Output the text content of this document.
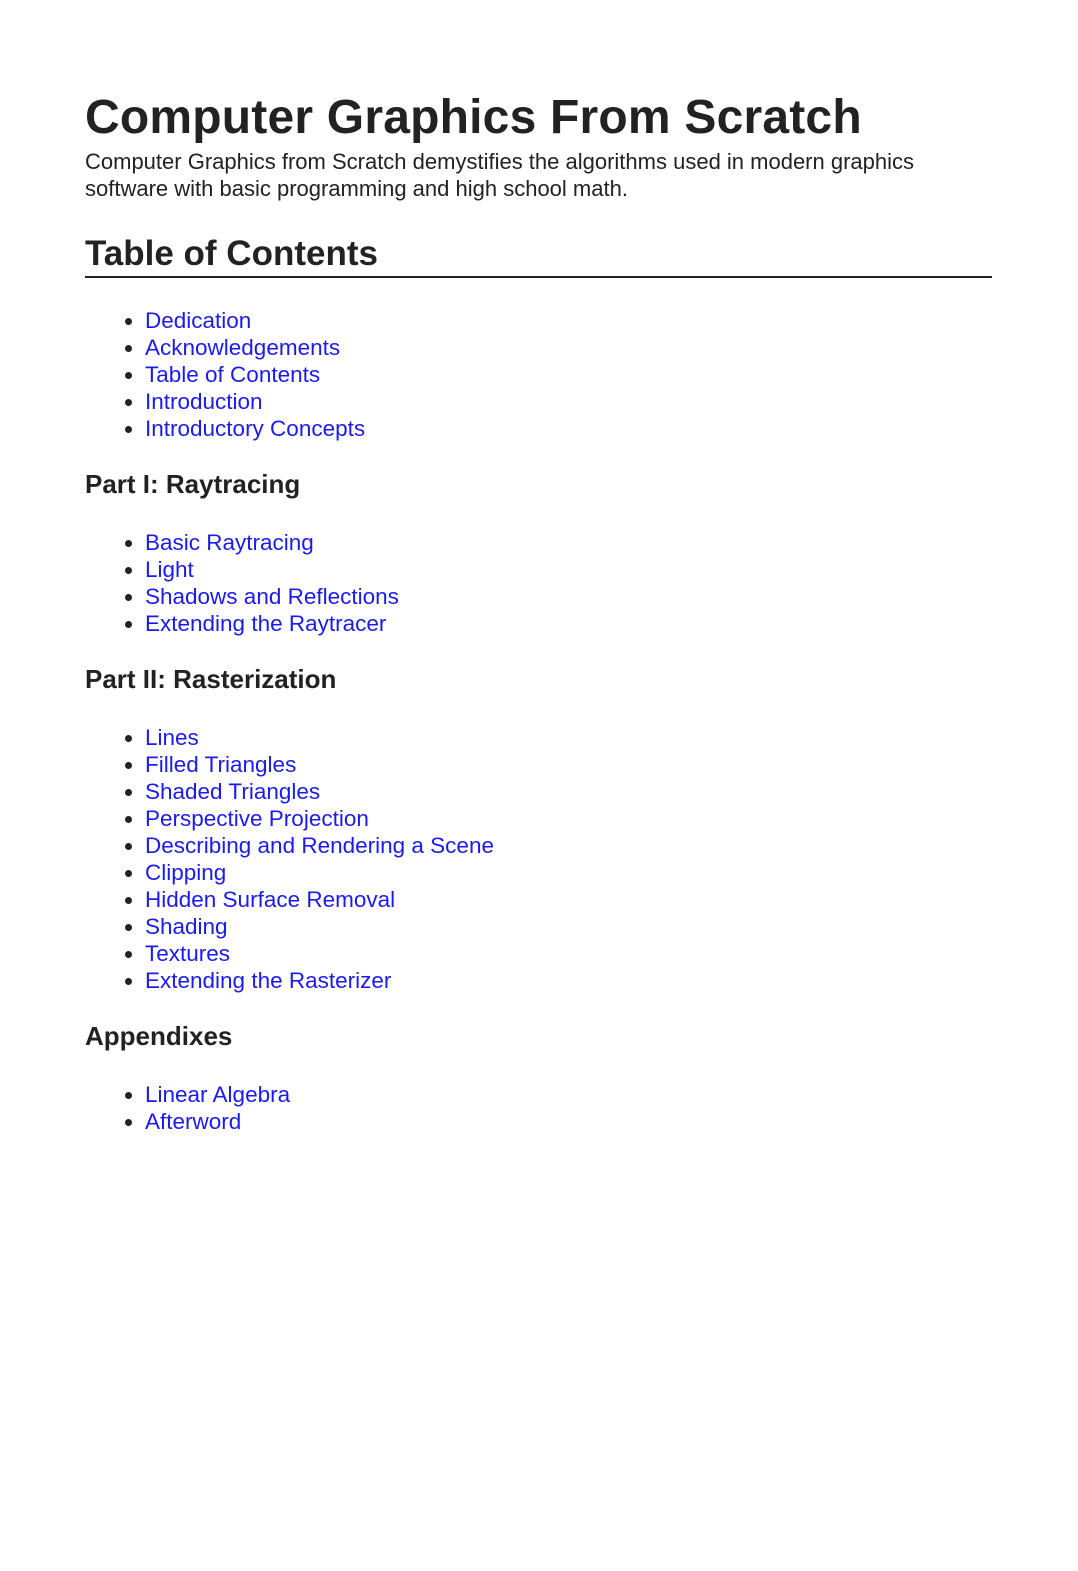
Computer Graphics From Scratch

Computer Graphics from Scratch demystifies the algorithms used in modern graphics software with basic programming and high school math.

Table of Contents
• Dedication
• Acknowledgements
• Table of Contents
• Introduction
• Introductory Concepts
Part I: Raytracing
• Basic Raytracing
• Light
• Shadows and Reflections
• Extending the Raytracer
Part II: Rasterization
• Lines
• Filled Triangles
• Shaded Triangles
• Perspective Projection
• Describing and Rendering a Scene
• Clipping
• Hidden Surface Removal
• Shading
• Textures
• Extending the Rasterizer
Appendixes
• Linear Algebra
• Afterword
